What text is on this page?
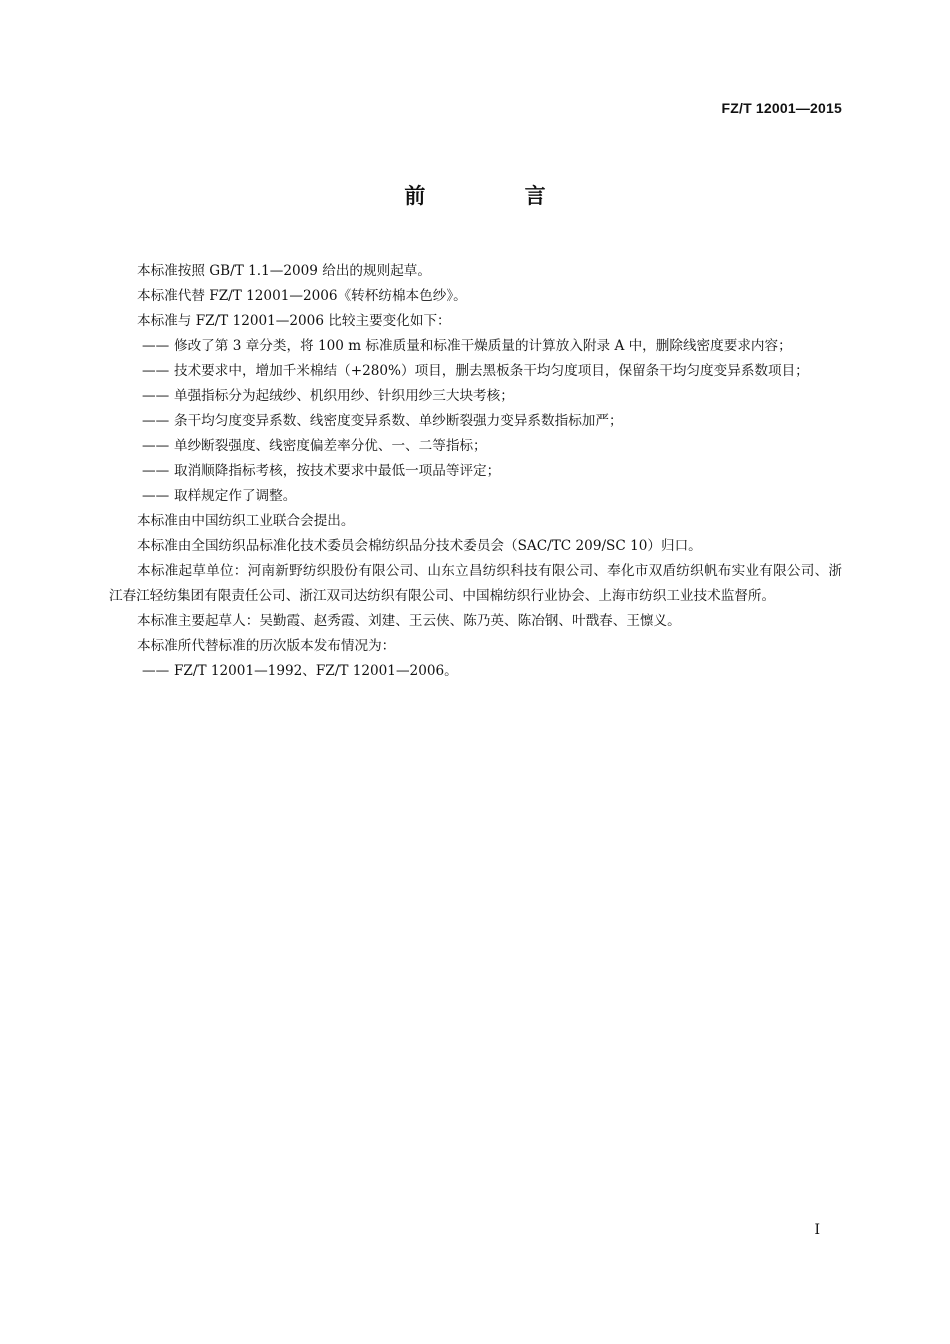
FZ/T 12001—2015
前 言
本标准按照 GB/T 1.1—2009 给出的规则起草。
本标准代替 FZ/T 12001—2006《转杯纺棉本色纱》。
本标准与 FZ/T 12001—2006 比较主要变化如下：
—— 修改了第 3 章分类，将 100 m 标准质量和标准干燥质量的计算放入附录 A 中，删除线密度要求内容；
—— 技术要求中，增加千米棉结（+280%）项目，删去黑板条干均匀度项目，保留条干均匀度变异系数项目；
—— 单强指标分为起绒纱、机织用纱、针织用纱三大块考核；
—— 条干均匀度变异系数、线密度变异系数、单纱断裂强力变异系数指标加严；
—— 单纱断裂强度、线密度偏差率分优、一、二等指标；
—— 取消顺降指标考核，按技术要求中最低一项品等评定；
—— 取样规定作了调整。
本标准由中国纺织工业联合会提出。
本标准由全国纺织品标准化技术委员会棉纺织品分技术委员会（SAC/TC 209/SC 10）归口。
本标准起草单位：河南新野纺织股份有限公司、山东立昌纺织科技有限公司、奉化市双盾纺织帆布实业有限公司、浙江春江轻纺集团有限责任公司、浙江双司达纺织有限公司、中国棉纺织行业协会、上海市纺织工业技术监督所。
本标准主要起草人：吴勤霞、赵秀霞、刘建、王云侠、陈乃英、陈冶钢、叶戬春、王懔义。
本标准所代替标准的历次版本发布情况为：
—— FZ/T 12001—1992、FZ/T 12001—2006。
I
